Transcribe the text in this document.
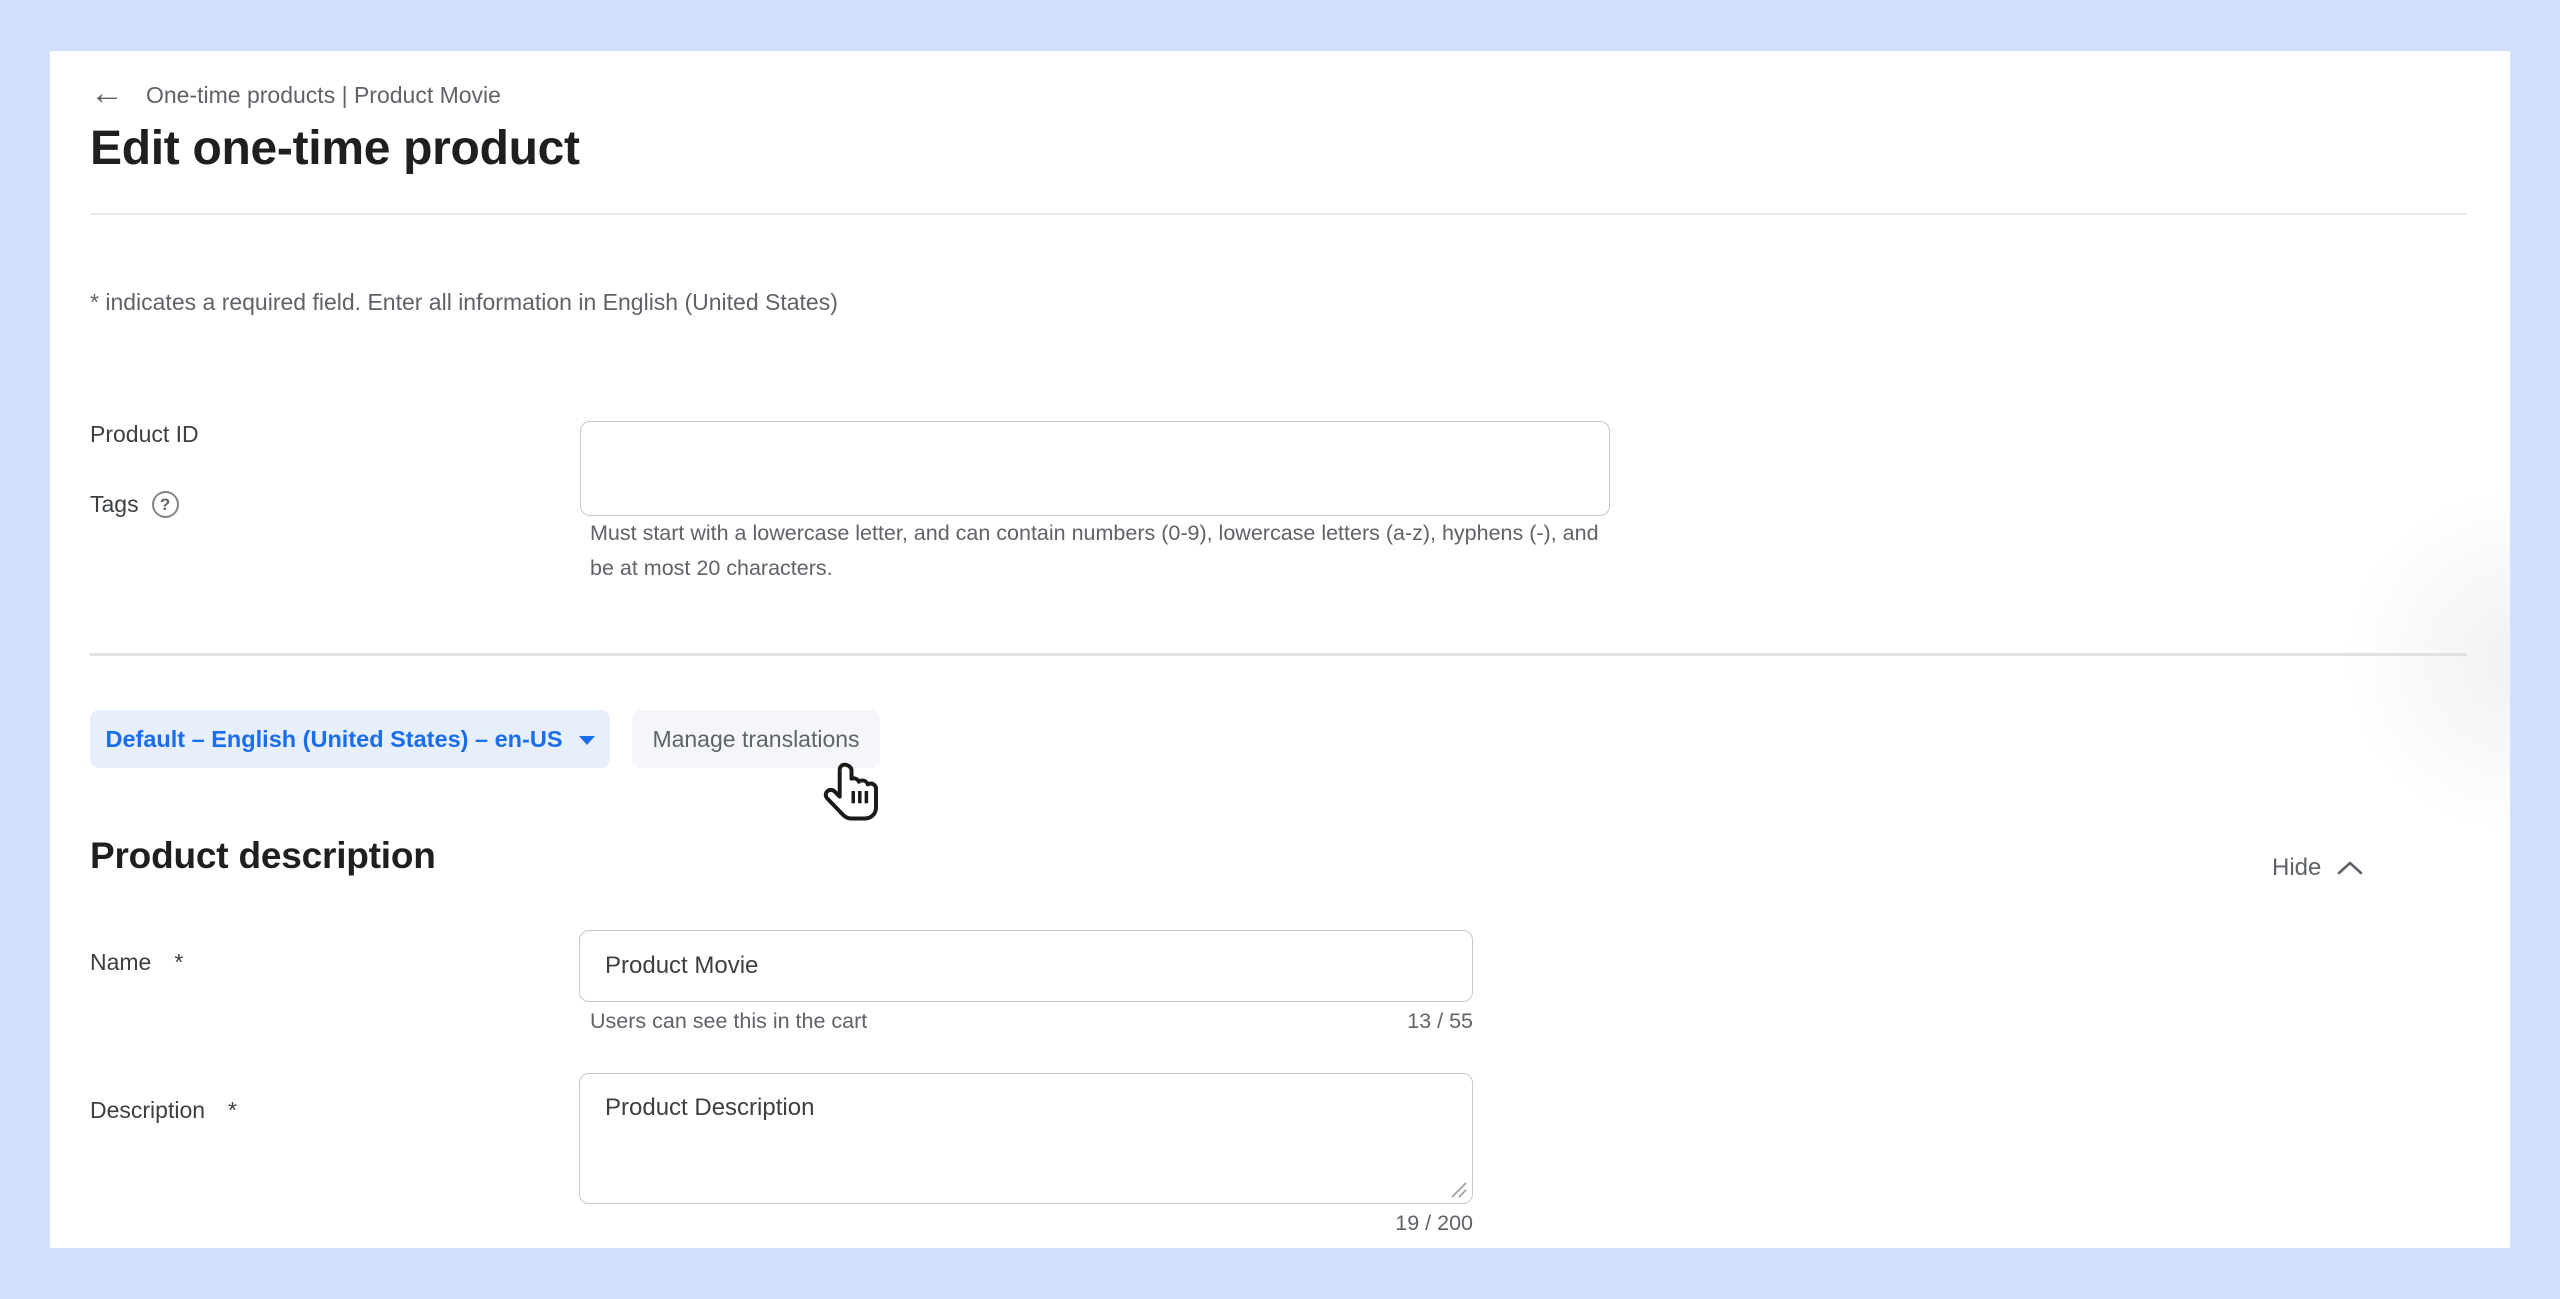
← One-time products | Product Movie
Edit one-time product
* indicates a required field. Enter all information in English (United States)
Product ID
Tags	?
Must start with a lowercase letter, and can contain numbers (0-9), lowercase letters (a-z), hyphens (-), and be at most 20 characters.
Default – English (United States) – en-US	Manage translations
Product description	Hide
Name *
Product Movie
Users can see this in the cart	13 / 55
Description *
Product Description
19 / 200
